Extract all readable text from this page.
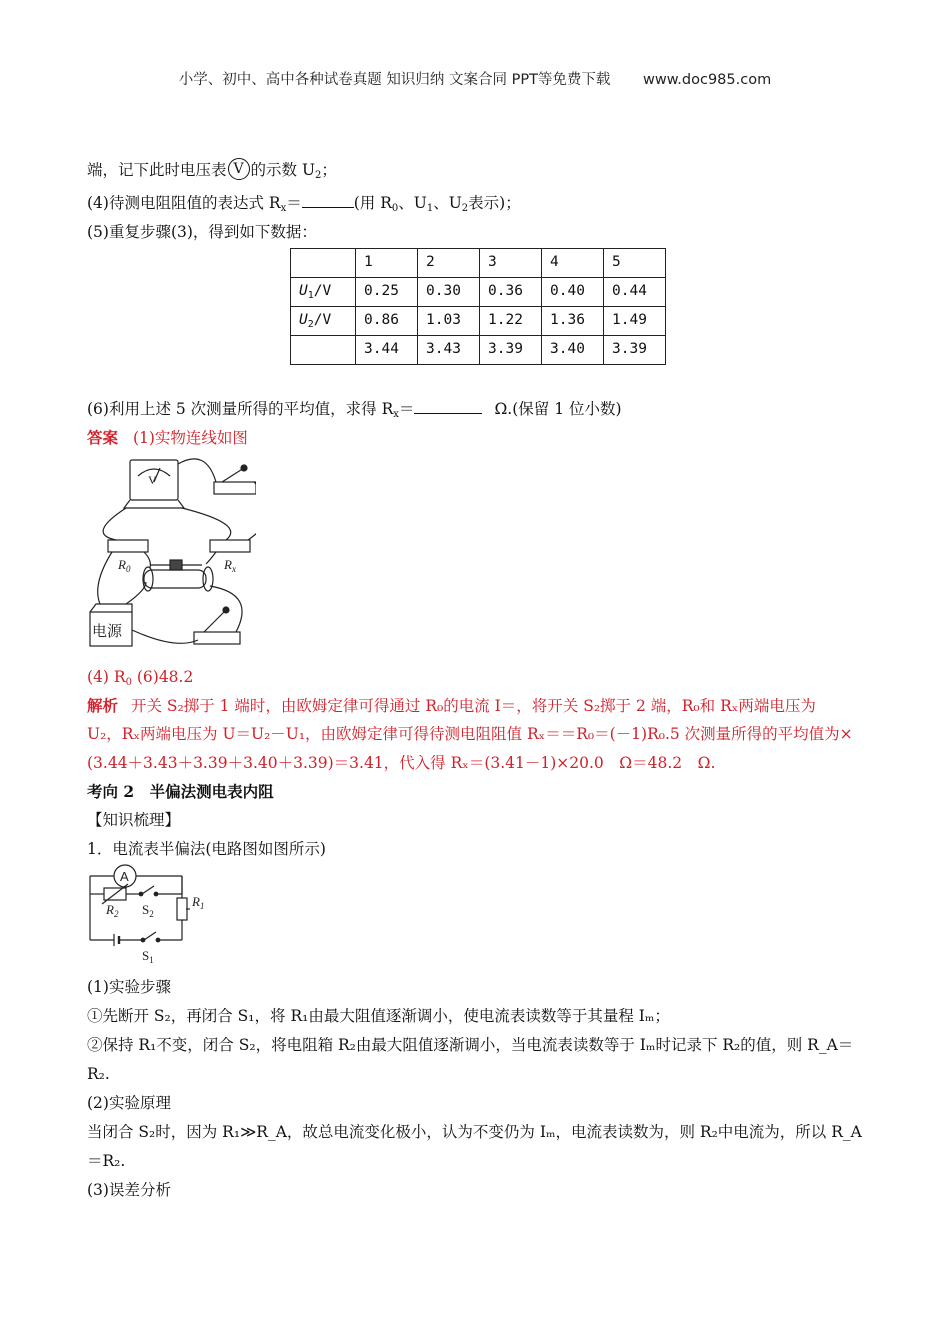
小学、初中、高中各种试卷真题 知识归纳 文案合同 PPT等免费下载 www.doc985.com
端，记下此时电压表 V 的示数 $U_2$；
(4)待测电阻阻值的表达式 $R_x=$	(用 $R_0$、$U_1$、$U_2$表示)；
(5)重复步骤(3)，得到如下数据：
	1	2	3	4	5
$U_1/V$	0.25	0.30	0.36	0.40	0.44
$U_2/V$	0.86	1.03	1.22	1.36	1.49
	3.44	3.43	3.39	3.40	3.39
(6)利用上述 5 次测量所得的平均值，求得 $R_x=$	Ω.(保留 1 位小数)
答案 (1)实物连线如图
V
$R_0$	$R_x$
电源
(4) $R_0$ (6)48.2
解析 开关 S₂掷于 1 端时，由欧姆定律可得通过 R₀的电流 I＝，将开关 S₂掷于 2 端，R₀和 Rₓ两端电压为
U₂，Rₓ两端电压为 U＝U₂－U₁，由欧姆定律可得待测电阻阻值 Rₓ＝＝R₀＝(－1)R₀.5 次测量所得的平均值为×
(3.44＋3.43＋3.39＋3.40＋3.39)＝3.41，代入得 Rₓ＝(3.41－1)×20.0　Ω＝48.2　Ω.
考向 2　半偏法测电表内阻
【知识梳理】
1．电流表半偏法(电路图如图所示)
A
$R_1$
$R_2$ $S_2$
$S_1$
(1)实验步骤
①先断开 S₂，再闭合 S₁，将 R₁由最大阻值逐渐调小，使电流表读数等于其量程 Iₘ；
②保持 R₁不变，闭合 S₂，将电阻箱 R₂由最大阻值逐渐调小，当电流表读数等于 Iₘ时记录下 R₂的值，则 R_A＝
R₂.
(2)实验原理
当闭合 S₂时，因为 R₁≫R_A，故总电流变化极小，认为不变仍为 Iₘ，电流表读数为，则 R₂中电流为，所以 R_A
＝R₂.
(3)误差分析
